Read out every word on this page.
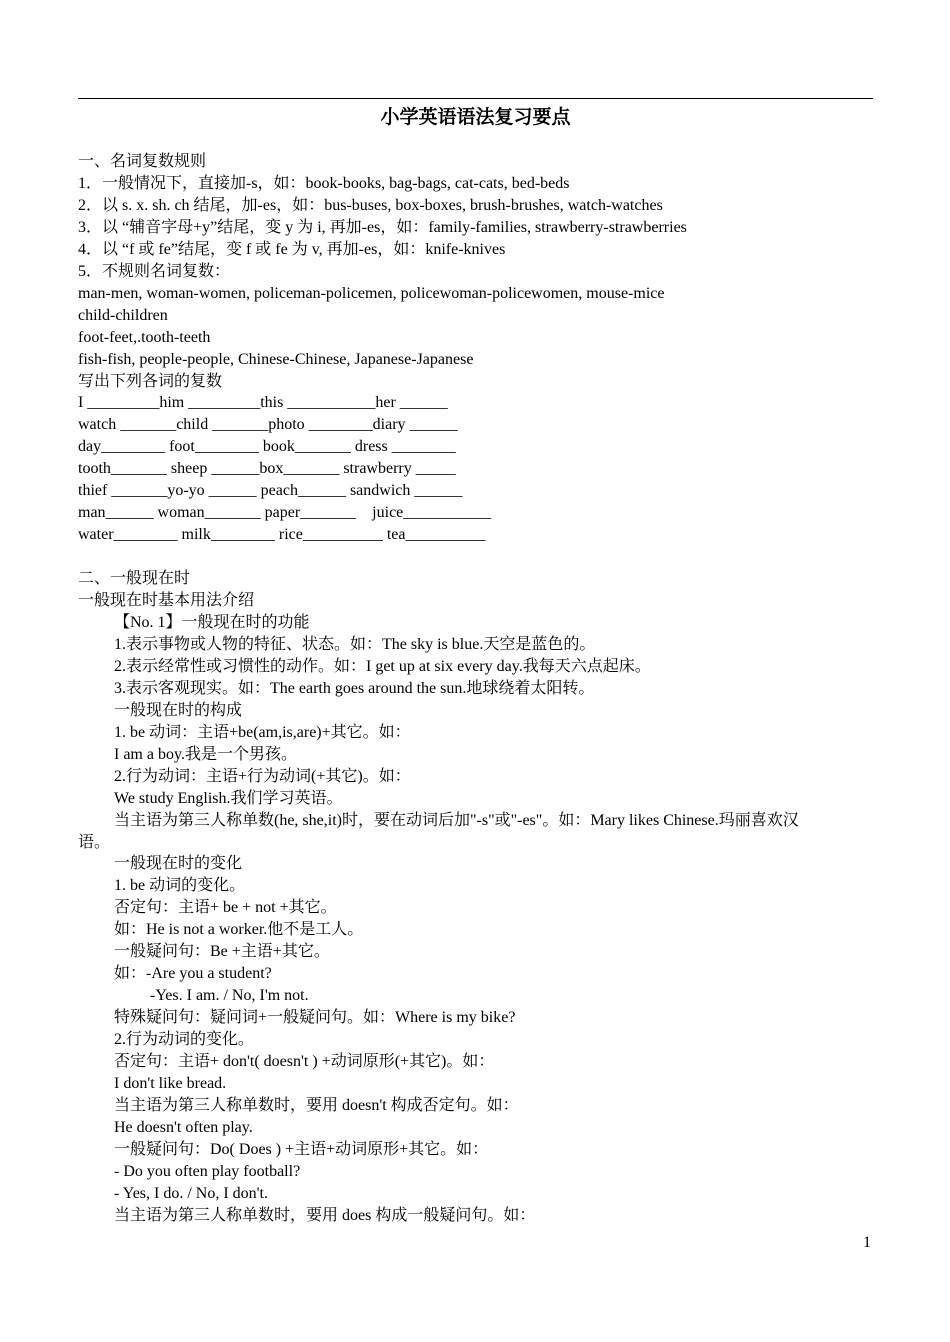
小学英语语法复习要点
一、名词复数规则
1．一般情况下，直接加-s，如：book-books, bag-bags, cat-cats, bed-beds
2．以 s. x. sh. ch 结尾，加-es，如：bus-buses, box-boxes, brush-brushes, watch-watches
3．以 “辅音字母+y”结尾，变 y 为 i, 再加-es，如：family-families, strawberry-strawberries
4．以 “f 或 fe”结尾，变 f 或 fe 为 v, 再加-es，如：knife-knives
5．不规则名词复数：
man-men, woman-women, policeman-policemen, policewoman-policewomen, mouse-mice
child-children
foot-feet,.tooth-teeth
fish-fish, people-people, Chinese-Chinese, Japanese-Japanese
写出下列各词的复数
I _________him _________this ___________her ______
watch _______child _______photo ________diary ______
day________ foot________ book_______ dress ________
tooth_______ sheep ______box_______ strawberry _____
thief _______yo-yo ______ peach______ sandwich ______
man______ woman_______ paper_______    juice___________
water________ milk________ rice__________ tea__________
二、一般现在时
一般现在时基本用法介绍
【No. 1】一般现在时的功能
1.表示事物或人物的特征、状态。如：The sky is blue.天空是蓝色的。
2.表示经常性或习惯性的动作。如：I get up at six every day.我每天六点起床。
3.表示客观现实。如：The earth goes around the sun.地球绕着太阳转。
一般现在时的构成
1. be 动词：主语+be(am,is,are)+其它。如：
I am a boy.我是一个男孩。
2.行为动词：主语+行为动词(+其它)。如：
We study English.我们学习英语。
当主语为第三人称单数(he, she,it)时，要在动词后加"-s"或"-es"。如：Mary likes Chinese.玛丽喜欢汉
语。
一般现在时的变化
1. be 动词的变化。
否定句：主语+ be + not +其它。
如：He is not a worker.他不是工人。
一般疑问句：Be +主语+其它。
如：-Are you a student?
-Yes. I am. / No, I'm not.
特殊疑问句：疑问词+一般疑问句。如：Where is my bike?
2.行为动词的变化。
否定句：主语+ don't( doesn't ) +动词原形(+其它)。如：
I don't like bread.
当主语为第三人称单数时，要用 doesn't 构成否定句。如：
He doesn't often play.
一般疑问句：Do( Does ) +主语+动词原形+其它。如：
- Do you often play football?
- Yes, I do. / No, I don't.
当主语为第三人称单数时，要用 does 构成一般疑问句。如：
1
